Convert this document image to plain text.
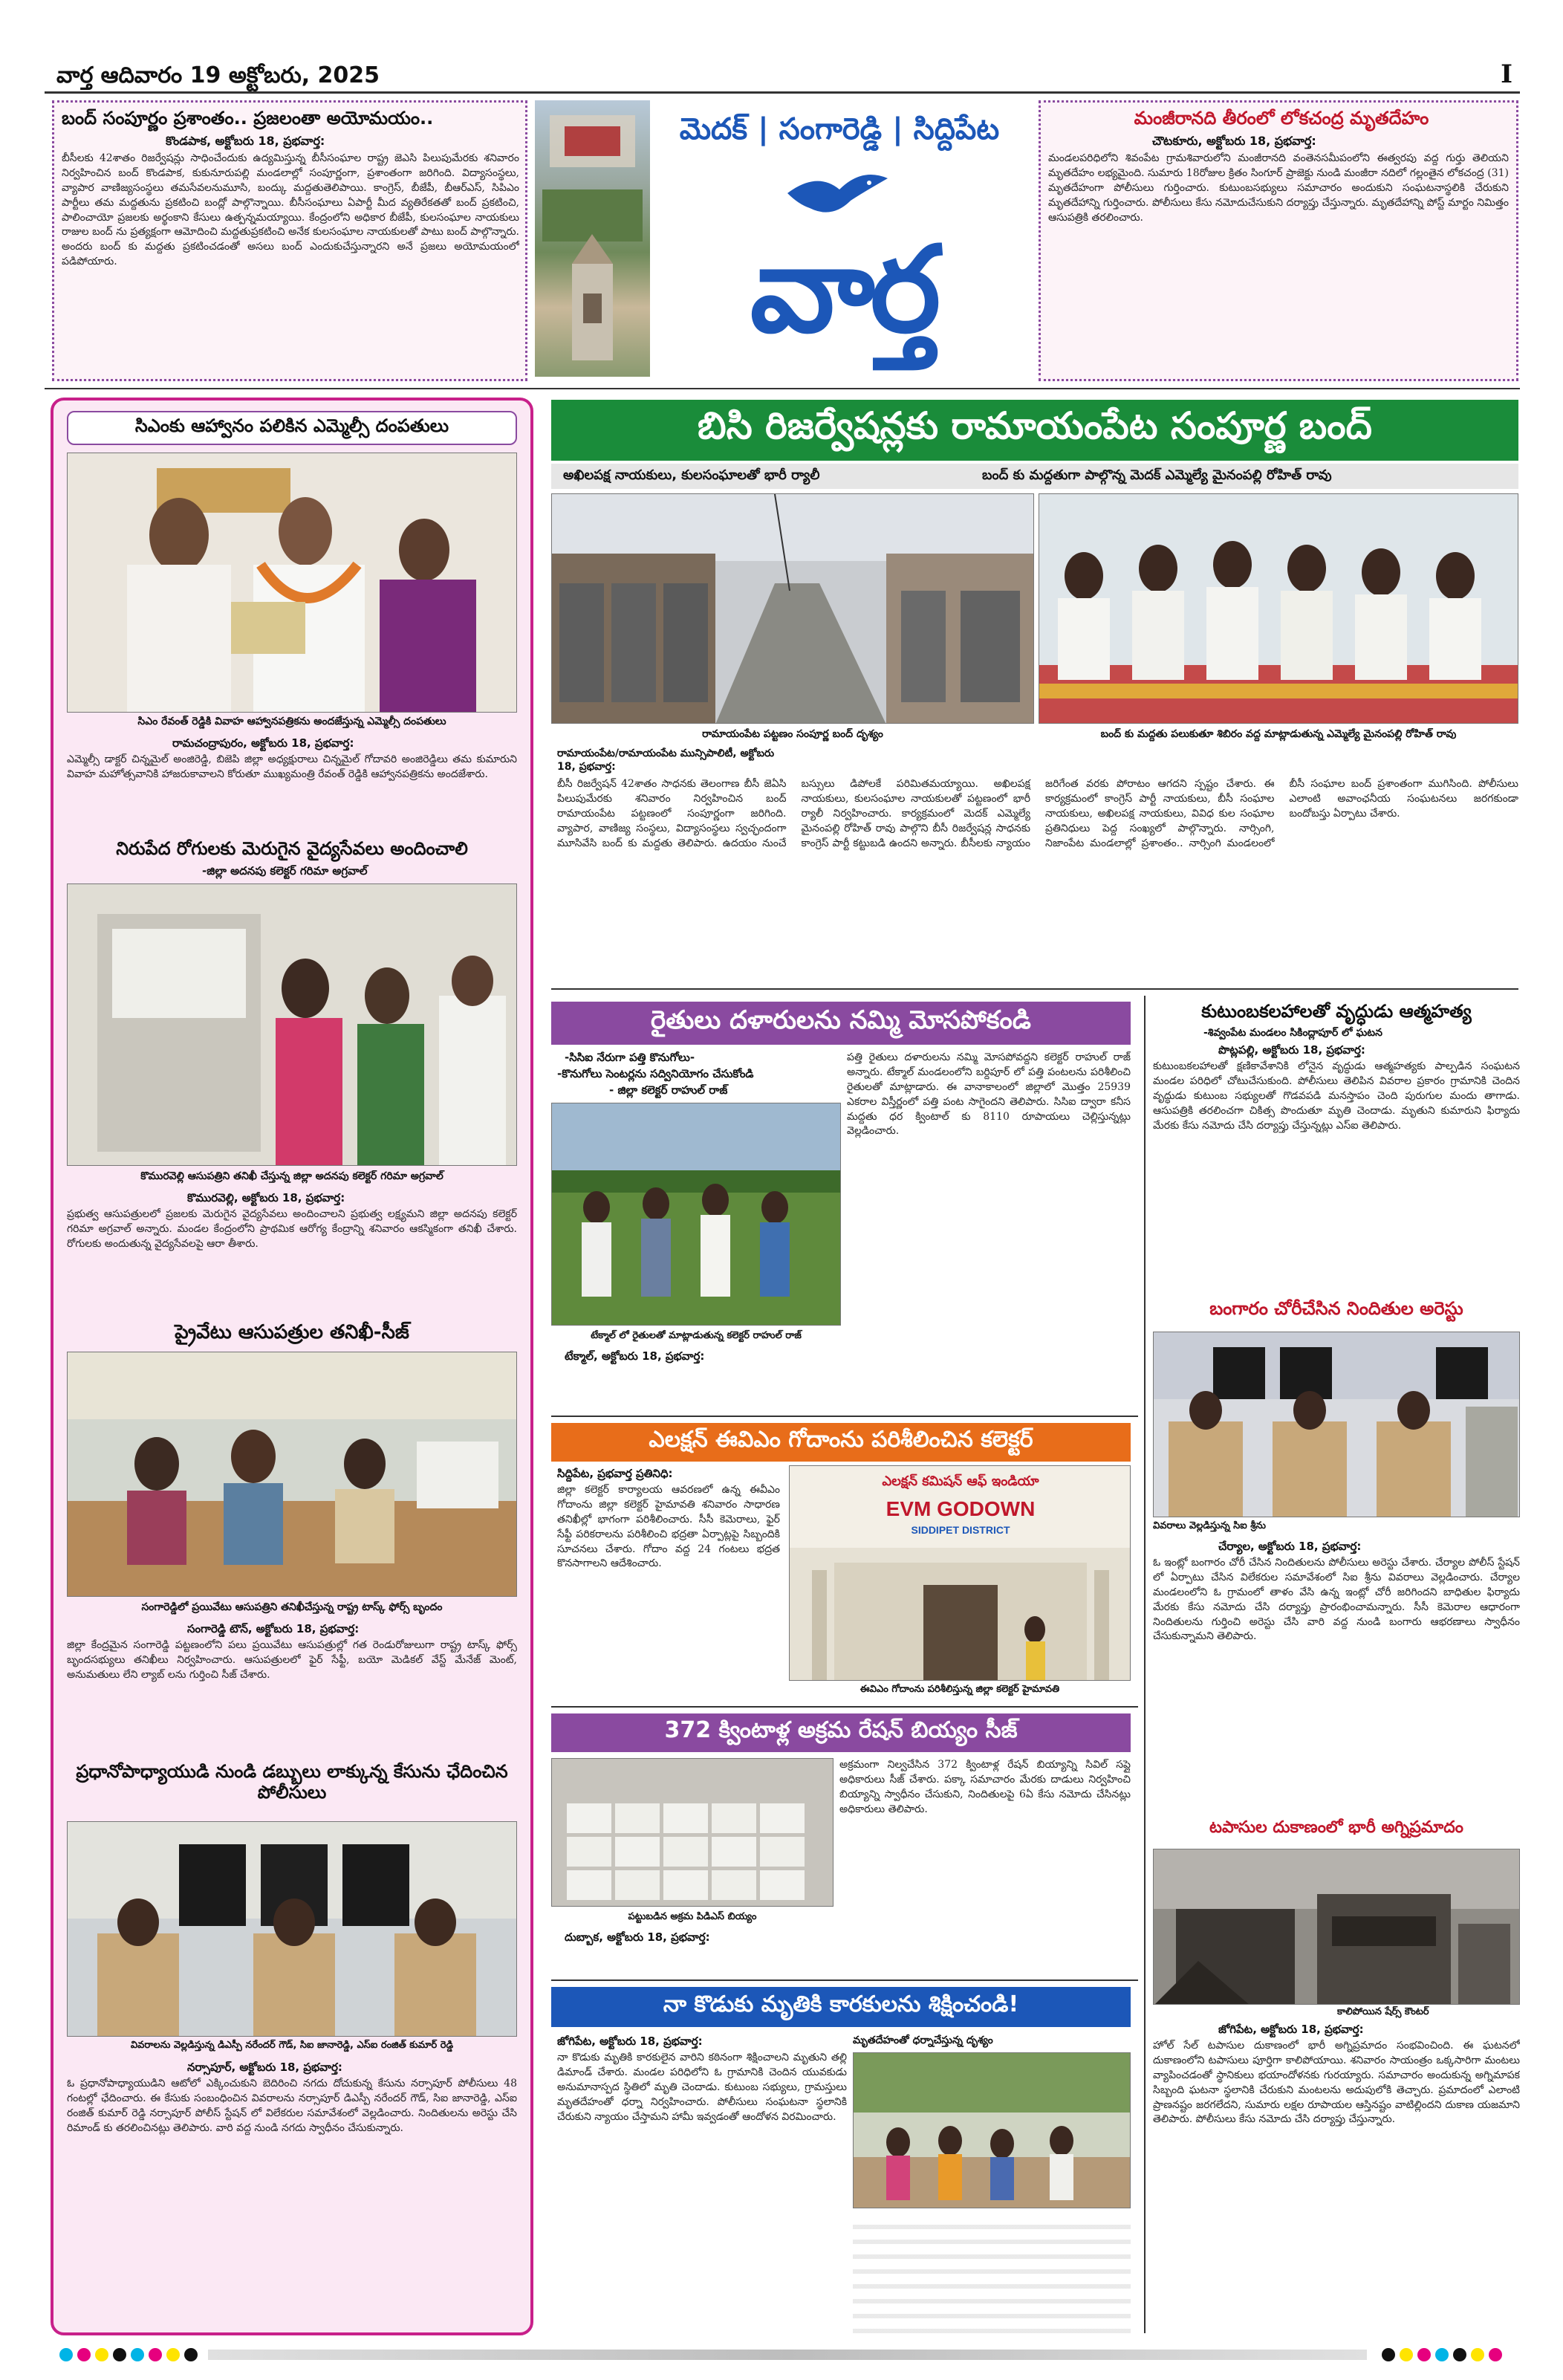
వార్త ఆదివారం 19 అక్టోబరు, 2025	I
బంద్ సంపూర్ణం ప్రశాంతం.. ప్రజలంతా అయోమయం..
కొండపాక, అక్టోబరు 18, ప్రభవార్త:
బీసీలకు 42శాతం రిజర్వేషన్లు సాధించేందుకు ఉద్యమిస్తున్న బీసీసంఘాల రాష్ట్ర జెఎసి పిలుపుమేరకు శనివారం నిర్వహించిన బంద్ కొండపాక, కుకునూరుపల్లి మండలాల్లో సంపూర్ణంగా, ప్రశాంతంగా జరిగింది. విద్యాసంస్థలు, వ్యాపార వాణిజ్యసంస్థలు తమసేవలనుమూసి, బంద్కు మద్దతుతెలిపాయి. కాంగ్రెస్, బీజేపీ, బీఆర్ఎస్, సిపిఎం పార్టీలు తమ మద్దతును ప్రకటించి బంద్లో పాల్గొన్నాయి. బీసీసంఘాలు ఏపార్టీ మీద వ్యతిరేకతతో బంద్ ప్రకటించి, పాలించాయో ప్రజలకు అర్థంకాని కేసులు ఉత్పన్నమయ్యాయి. కేంద్రంలోని అధికార బీజేపీ, కులసంఘాల నాయకులు రాజుల బంద్ ను ప్రత్యక్షంగా ఆమోదించి మద్దతుప్రకటించి అనేక కులసంఘాల నాయకులతో పాటు బంద్ పాల్గొన్నారు. అందరు బంద్ కు మద్దతు ప్రకటించడంతో అసలు బంద్ ఎందుకుచేస్తున్నారని అనే ప్రజలు అయోమయంలో పడిపోయారు.
మెదక్ | సంగారెడ్డి | సిద్దిపేట
వార్త
మంజీరానది తీరంలో లోకచంద్ర మృతదేహం
చౌటకూరు, అక్టోబరు 18, ప్రభవార్త:
మండలపరిధిలోని శివంపేట గ్రామశివారులోని మంజీరానది వంతెనసమీపంలోని ఈత్వరపు వద్ద గుర్తు తెలియని మృతదేహం లభ్యమైంది. సుమారు 18రోజుల క్రితం సింగూర్ ప్రాజెక్టు నుండి మంజీరా నదిలో గల్లంతైన లోకచంద్ర (31) మృతదేహంగా పోలీసులు గుర్తించారు. కుటుంబసభ్యులు సమాచారం అందుకుని సంఘటనాస్థలికి చేరుకుని మృతదేహాన్ని గుర్తించారు. పోలీసులు కేసు నమోదుచేసుకుని దర్యాప్తు చేస్తున్నారు. మృతదేహాన్ని పోస్ట్ మార్టం నిమిత్తం ఆసుపత్రికి తరలించారు.
సిఎంకు ఆహ్వానం పలికిన ఎమ్మెల్సీ దంపతులు
సిఎం రేవంత్ రెడ్డికి వివాహ ఆహ్వానపత్రికను అందజేస్తున్న ఎమ్మెల్సీ దంపతులు
రామచంద్రాపురం, అక్టోబరు 18, ప్రభవార్త:
ఎమ్మెల్సీ డాక్టర్ చిన్నమైల్ అంజిరెడ్డి, బిజెపి జిల్లా అధ్యక్షురాలు చిన్నమైల్ గోదావరి అంజిరెడ్డిలు తమ కుమారుని వివాహ మహోత్సవానికి హాజరుకావాలని కోరుతూ ముఖ్యమంత్రి రేవంత్ రెడ్డికి ఆహ్వానపత్రికను అందజేశారు.
నిరుపేద రోగులకు మెరుగైన వైద్యసేవలు అందించాలి
-జిల్లా అదనపు కలెక్టర్ గరిమా అగ్రవాల్
కొమురవెల్లి ఆసుపత్రిని తనిఖీ చేస్తున్న జిల్లా అదనపు కలెక్టర్ గరిమా అగ్రవాల్
కొమురవెల్లి, అక్టోబరు 18, ప్రభవార్త:
ప్రభుత్వ ఆసుపత్రులలో ప్రజలకు మెరుగైన వైద్యసేవలు అందించాలని ప్రభుత్వ లక్ష్యమని జిల్లా అదనపు కలెక్టర్ గరిమా అగ్రవాల్ అన్నారు. మండల కేంద్రంలోని ప్రాథమిక ఆరోగ్య కేంద్రాన్ని శనివారం ఆకస్మికంగా తనిఖీ చేశారు. రోగులకు అందుతున్న వైద్యసేవలపై ఆరా తీశారు.
ప్రైవేటు ఆసుపత్రుల తనిఖీ-సీజ్
సంగారెడ్డిలో ప్రయివేటు ఆసుపత్రిని తనిఖీచేస్తున్న రాష్ట్ర టాస్క్ ఫోర్స్ బృందం
సంగారెడ్డి టౌన్, అక్టోబరు 18, ప్రభవార్త:
జిల్లా కేంద్రమైన సంగారెడ్డి పట్టణంలోని పలు ప్రయివేటు ఆసుపత్రుల్లో గత రెండురోజులుగా రాష్ట్ర టాస్క్ ఫోర్స్ బృందసభ్యులు తనిఖీలు నిర్వహించారు. ఆసుపత్రులలో ఫైర్ సేఫ్టీ, బయో మెడికల్ వేస్ట్ మేనేజ్ మెంట్, అనుమతులు లేని ల్యాబ్ లను గుర్తించి సీజ్ చేశారు.
ప్రధానోపాధ్యాయుడి నుండి డబ్బులు లాక్కున్న కేసును ఛేదించిన పోలీసులు
వివరాలను వెల్లడిస్తున్న డిఎస్పీ నరేందర్ గౌడ్, సిఐ జానారెడ్డి, ఎస్ఐ రంజిత్ కుమార్ రెడ్డి
నర్సాపూర్, అక్టోబరు 18, ప్రభవార్త:
ఓ ప్రధానోపాధ్యాయుడిని ఆటోలో ఎక్కించుకుని బెదిరించి నగదు దోచుకున్న కేసును నర్సాపూర్ పోలీసులు 48 గంటల్లో ఛేదించారు. ఈ కేసుకు సంబంధించిన వివరాలను నర్సాపూర్ డిఎస్పీ నరేందర్ గౌడ్, సిఐ జానారెడ్డి, ఎస్ఐ రంజిత్ కుమార్ రెడ్డి నర్సాపూర్ పోలీస్ స్టేషన్ లో విలేకరుల సమావేశంలో వెల్లడించారు. నిందితులను అరెస్టు చేసి రిమాండ్ కు తరలించినట్లు తెలిపారు. వారి వద్ద నుండి నగదు స్వాధీనం చేసుకున్నారు.
బిసి రిజర్వేషన్లకు రామాయంపేట సంపూర్ణ బంద్
అఖిలపక్ష నాయకులు, కులసంఘాలతో భారీ ర్యాలీ	బంద్ కు మద్దతుగా పాల్గొన్న మెదక్ ఎమ్మెల్యే మైనంపల్లి రోహిత్ రావు
రామాయంపేట పట్టణం సంపూర్ణ బంద్ దృశ్యం	బంద్ కు మద్దతు పలుకుతూ శిబిరం వద్ద మాట్లాడుతున్న ఎమ్మెల్యే మైనంపల్లి రోహిత్ రావు
రామాయంపేట/రామాయంపేట మున్సిపాలిటీ, అక్టోబరు 18, ప్రభవార్త:
బీసీ రిజర్వేషన్ 42శాతం సాధనకు తెలంగాణ బీసీ జెఏసి పిలుపుమేరకు శనివారం నిర్వహించిన బంద్ రామాయంపేట పట్టణంలో సంపూర్ణంగా జరిగింది. వ్యాపార, వాణిజ్య సంస్థలు, విద్యాసంస్థలు స్వచ్ఛందంగా మూసివేసి బంద్ కు మద్దతు తెలిపారు. ఉదయం నుంచే బస్సులు డిపోలకే పరిమితమయ్యాయి. అఖిలపక్ష నాయకులు, కులసంఘాల నాయకులతో పట్టణంలో భారీ ర్యాలీ నిర్వహించారు. కార్యక్రమంలో మెదక్ ఎమ్మెల్యే మైనంపల్లి రోహిత్ రావు పాల్గొని బీసీ రిజర్వేషన్ల సాధనకు కాంగ్రెస్ పార్టీ కట్టుబడి ఉందని అన్నారు. బీసీలకు న్యాయం జరిగేంత వరకు పోరాటం ఆగదని స్పష్టం చేశారు. ఈ కార్యక్రమంలో కాంగ్రెస్ పార్టీ నాయకులు, బీసీ సంఘాల నాయకులు, అఖిలపక్ష నాయకులు, వివిధ కుల సంఘాల ప్రతినిధులు పెద్ద సంఖ్యలో పాల్గొన్నారు. నార్సింగి, నిజాంపేట మండలాల్లో ప్రశాంతం.. నార్సింగి మండలంలో బీసీ సంఘాల బంద్ ప్రశాంతంగా ముగిసింది. పోలీసులు ఎలాంటి అవాంఛనీయ సంఘటనలు జరగకుండా బందోబస్తు ఏర్పాటు చేశారు.
రైతులు దళారులను నమ్మి మోసపోకండి
-సిసిఐ నేరుగా పత్తి కొనుగోలు-
-కొనుగోలు సెంటర్లను సద్వినియోగం చేసుకోండి
- జిల్లా కలెక్టర్ రాహుల్ రాజ్
టేక్మాల్ లో రైతులతో మాట్లాడుతున్న కలెక్టర్ రాహుల్ రాజ్
టేక్మాల్, అక్టోబరు 18, ప్రభవార్త:
పత్తి రైతులు దళారులను నమ్మి మోసపోవద్దని కలెక్టర్ రాహుల్ రాజ్ అన్నారు. టేక్మాల్ మండలంలోని బర్దిపూర్ లో పత్తి పంటలను పరిశీలించి రైతులతో మాట్లాడారు. ఈ వానాకాలంలో జిల్లాలో మొత్తం 25939 ఎకరాల విస్తీర్ణంలో పత్తి పంట సాగైందని తెలిపారు. సిసిఐ ద్వారా కనీస మద్దతు ధర క్వింటాల్ కు 8110 రూపాయలు చెల్లిస్తున్నట్లు వెల్లడించారు.
ఎలక్షన్ ఈవిఎం గోదాంను పరిశీలించిన కలెక్టర్
సిద్దిపేట, ప్రభవార్త ప్రతినిధి:
జిల్లా కలెక్టర్ కార్యాలయ ఆవరణలో ఉన్న ఈవీఎం గోదాంను జిల్లా కలెక్టర్ హైమావతి శనివారం సాధారణ తనిఖీల్లో భాగంగా పరిశీలించారు. సీసీ కెమెరాలు, ఫైర్ సేఫ్టీ పరికరాలను పరిశీలించి భద్రతా ఏర్పాట్లపై సిబ్బందికి సూచనలు చేశారు. గోదాం వద్ద 24 గంటలు భద్రత కొనసాగాలని ఆదేశించారు.
ఎలక్షన్ కమిషన్ ఆఫ్ ఇండియా
EVM GODOWN
SIDDIPET DISTRICT
ఈవిఎం గోదాంను పరిశీలిస్తున్న జిల్లా కలెక్టర్ హైమావతి
372 క్వింటాళ్ల అక్రమ రేషన్ బియ్యం సీజ్
పట్టుబడిన అక్రమ పిడిఎస్ బియ్యం
దుబ్బాక, అక్టోబరు 18, ప్రభవార్త:
అక్రమంగా నిల్వచేసిన 372 క్వింటాళ్ల రేషన్ బియ్యాన్ని సివిల్ సప్లై అధికారులు సీజ్ చేశారు. పక్కా సమాచారం మేరకు దాడులు నిర్వహించి బియ్యాన్ని స్వాధీనం చేసుకుని, నిందితులపై 6ఏ కేసు నమోదు చేసినట్లు అధికారులు తెలిపారు.
నా కొడుకు మృతికి కారకులను శిక్షించండి!
జోగిపేట, అక్టోబరు 18, ప్రభవార్త:
నా కొడుకు మృతికి కారకులైన వారిని కఠినంగా శిక్షించాలని మృతుని తల్లి డిమాండ్ చేశారు. మండల పరిధిలోని ఓ గ్రామానికి చెందిన యువకుడు అనుమానాస్పద స్థితిలో మృతి చెందాడు. కుటుంబ సభ్యులు, గ్రామస్తులు మృతదేహంతో ధర్నా నిర్వహించారు. పోలీసులు సంఘటనా స్థలానికి చేరుకుని న్యాయం చేస్తామని హామీ ఇవ్వడంతో ఆందోళన విరమించారు.
మృతదేహంతో ధర్నాచేస్తున్న దృశ్యం
కుటుంబకలహాలతో వృద్ధుడు ఆత్మహత్య
-శివ్వంపేట మండలం సికింద్లాపూర్ లో ఘటన
పొట్లపల్లి, అక్టోబరు 18, ప్రభవార్త:
కుటుంబకలహాలతో క్షణికావేశానికి లోనైన వృద్ధుడు ఆత్మహత్యకు పాల్పడిన సంఘటన మండల పరిధిలో చోటుచేసుకుంది. పోలీసులు తెలిపిన వివరాల ప్రకారం గ్రామానికి చెందిన వృద్ధుడు కుటుంబ సభ్యులతో గొడవపడి మనస్తాపం చెంది పురుగుల మందు తాగాడు. ఆసుపత్రికి తరలించగా చికిత్స పొందుతూ మృతి చెందాడు. మృతుని కుమారుని ఫిర్యాదు మేరకు కేసు నమోదు చేసి దర్యాప్తు చేస్తున్నట్లు ఎస్ఐ తెలిపారు.
బంగారం చోరీచేసిన నిందితుల అరెస్టు
వివరాలు వెల్లడిస్తున్న సిఐ శ్రీను
చేర్యాల, అక్టోబరు 18, ప్రభవార్త:
ఓ ఇంట్లో బంగారం చోరీ చేసిన నిందితులను పోలీసులు అరెస్టు చేశారు. చేర్యాల పోలీస్ స్టేషన్ లో ఏర్పాటు చేసిన విలేకరుల సమావేశంలో సిఐ శ్రీను వివరాలు వెల్లడించారు. చేర్యాల మండలంలోని ఓ గ్రామంలో తాళం వేసి ఉన్న ఇంట్లో చోరీ జరిగిందని బాధితుల ఫిర్యాదు మేరకు కేసు నమోదు చేసి దర్యాప్తు ప్రారంభించామన్నారు. సీసీ కెమెరాల ఆధారంగా నిందితులను గుర్తించి అరెస్టు చేసి వారి వద్ద నుండి బంగారు ఆభరణాలు స్వాధీనం చేసుకున్నామని తెలిపారు.
టపాసుల దుకాణంలో భారీ అగ్నిప్రమాదం
కాలిపోయిన షేర్స్ కౌంటర్
జోగిపేట, అక్టోబరు 18, ప్రభవార్త:
హోల్ సేల్ టపాసుల దుకాణంలో భారీ అగ్నిప్రమాదం సంభవించింది. ఈ ఘటనలో దుకాణంలోని టపాసులు పూర్తిగా కాలిపోయాయి. శనివారం సాయంత్రం ఒక్కసారిగా మంటలు వ్యాపించడంతో స్థానికులు భయాందోళనకు గురయ్యారు. సమాచారం అందుకున్న అగ్నిమాపక సిబ్బంది ఘటనా స్థలానికి చేరుకుని మంటలను అదుపులోకి తెచ్చారు. ప్రమాదంలో ఎలాంటి ప్రాణనష్టం జరగలేదని, సుమారు లక్షల రూపాయల ఆస్తినష్టం వాటిల్లిందని దుకాణ యజమాని తెలిపారు. పోలీసులు కేసు నమోదు చేసి దర్యాప్తు చేస్తున్నారు.
